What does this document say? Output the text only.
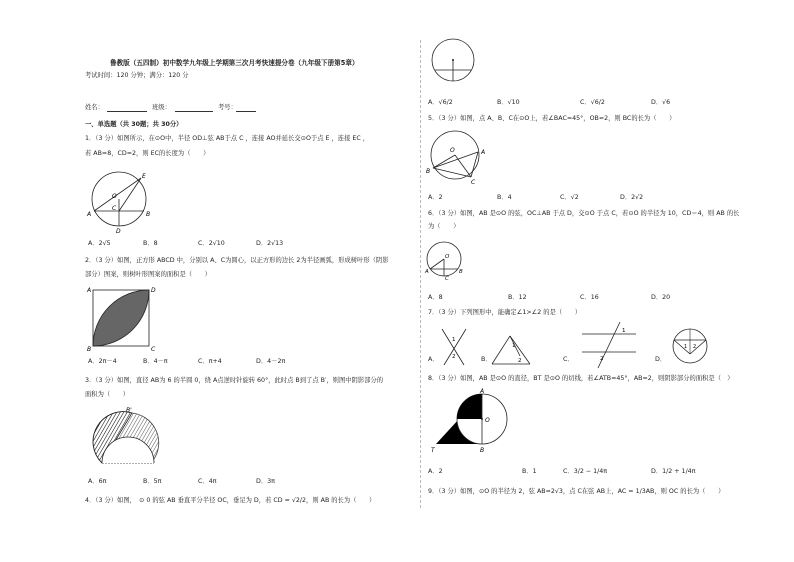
鲁教版（五四制）初中数学九年级上学期第三次月考快速提分卷（九年级下册第5章）
考试时间：120 分钟；满分：120 分
姓名：	班级：	考号：
一、单选题（共 30题；共 30分）
1．（3 分）如图所示，在⊙O中，半径 OD⊥弦 AB于点 C ，连接 AO并延长交⊙O于点 E ，连接 EC ，
若 AB=8，CD=2，则 EC的长度为（　　）
E
O
C
A	B
D
A．2√5	B．8	C．2√10	D．2√13
2．（3 分）如图，正方形 ABCD 中，分别以 A、C为圆心，以正方形的边长 2为半径画弧，形成树叶形（阴影
部分）图案，则树叶形图案的面积是（　　）
A	D
B	C
A．2π－4	B．4－π	C．π+4	D．4－2π
3．（3 分）如图，直径 AB为 6 的半圆 0，绕 A点逆时针旋转 60°，此时点 B到了点 B′，则图中阴影部分的
面积为（　　）
B'
A．6π	B．5π	C．4π	D．3π
4．（3 分）如图，　⊙ 0 的弦 AB 垂直平分半径 OC，垂足为 D，若 CD = √2/2，则 AB 的长为（　　）
A．√6/2	B．√10	C．√6/2	D．√6
5．（3 分）如图，点 A、B、C在⊙O上，若∠BAC=45°，OB=2，则 BC的长为（　　）
O	A
B
C
A．2	B．4	C．√2	D．2√2
6．（3 分）如图，AB 是⊙O 的弦，OC⊥AB 于点 D，交⊙O 于点 C，若⊙O 的半径为 10，CD＝4，则 AB 的长
为（　　）
O
A	B
C
A．8	B．12	C．16	D．20
7．（3 分）下列图形中，能确定∠1>∠2 的是（　　）
A．
1
2	B．
1
2	C．
1
2	D．
1 2
8．（3 分）如图，AB 是⊙O 的直径，BT 是⊙O 的切线，若∠ATB=45°，AB=2，则阴影部分的面积是（　）
A
O
T	B
A．2	B．1	C．3/2 − 1/4π	D．1/2 + 1/4π
9．（3 分）如图，⊙O 的半径为 2，弦 AB=2√3，点 C在弦 AB上，AC = 1/3AB，则 OC 的长为（　　）
